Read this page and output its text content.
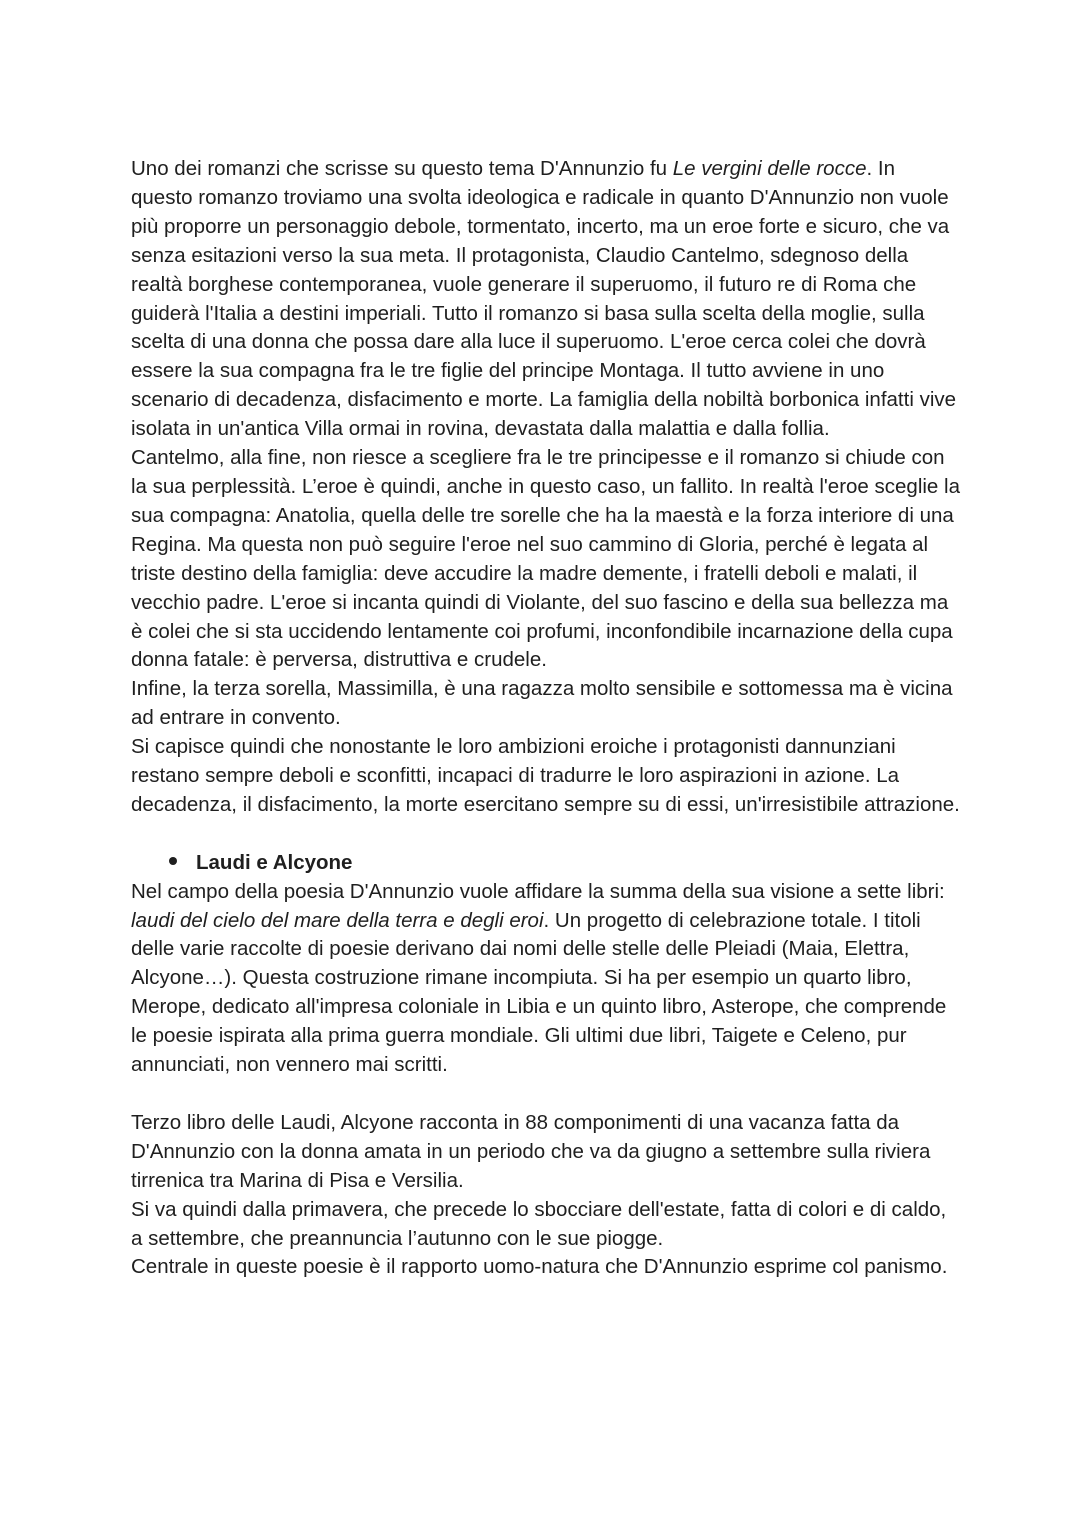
Uno dei romanzi che scrisse su questo tema D'Annunzio fu Le vergini delle rocce. In questo romanzo troviamo una svolta ideologica e radicale in quanto D'Annunzio non vuole più proporre un personaggio debole, tormentato, incerto, ma un eroe forte e sicuro, che va senza esitazioni verso la sua meta. Il protagonista, Claudio Cantelmo, sdegnoso della realtà borghese contemporanea, vuole generare il superuomo, il futuro re di Roma che guiderà l'Italia a destini imperiali. Tutto il romanzo si basa sulla scelta della moglie, sulla scelta di una donna che possa dare alla luce il superuomo. L'eroe cerca colei che dovrà essere la sua compagna fra le tre figlie del principe Montaga. Il tutto avviene in uno scenario di decadenza, disfacimento e morte. La famiglia della nobiltà borbonica infatti vive isolata in un'antica Villa ormai in rovina, devastata dalla malattia e dalla follia.

Cantelmo, alla fine, non riesce a scegliere fra le tre principesse e il romanzo si chiude con la sua perplessità. L’eroe è quindi, anche in questo caso, un fallito. In realtà l'eroe sceglie la sua compagna: Anatolia, quella delle tre sorelle che ha la maestà e la forza interiore di una Regina. Ma questa non può seguire l'eroe nel suo cammino di Gloria, perché è legata al triste destino della famiglia: deve accudire la madre demente, i fratelli deboli e malati, il vecchio padre. L'eroe si incanta quindi di Violante, del suo fascino e della sua bellezza ma è colei che si sta uccidendo lentamente coi profumi, inconfondibile incarnazione della cupa donna fatale: è perversa, distruttiva e crudele.

Infine, la terza sorella, Massimilla, è una ragazza molto sensibile e sottomessa ma è vicina ad entrare in convento.

Si capisce quindi che nonostante le loro ambizioni eroiche i protagonisti dannunziani restano sempre deboli e sconfitti, incapaci di tradurre le loro aspirazioni in azione. La decadenza, il disfacimento, la morte esercitano sempre su di essi, un'irresistibile attrazione.

Laudi e Alcyone

Nel campo della poesia D'Annunzio vuole affidare la summa della sua visione a sette libri: laudi del cielo del mare della terra e degli eroi. Un progetto di celebrazione totale. I titoli delle varie raccolte di poesie derivano dai nomi delle stelle delle Pleiadi (Maia, Elettra, Alcyone…). Questa costruzione rimane incompiuta. Si ha per esempio un quarto libro, Merope, dedicato all'impresa coloniale in Libia e un quinto libro, Asterope, che comprende le poesie ispirata alla prima guerra mondiale. Gli ultimi due libri, Taigete e Celeno, pur annunciati, non vennero mai scritti.

Terzo libro delle Laudi, Alcyone racconta in 88 componimenti di una vacanza fatta da D'Annunzio con la donna amata in un periodo che va da giugno a settembre sulla riviera tirrenica tra Marina di Pisa e Versilia.

Si va quindi dalla primavera, che precede lo sbocciare dell'estate, fatta di colori e di caldo, a settembre, che preannuncia l’autunno con le sue piogge.

Centrale in queste poesie è il rapporto uomo-natura che D'Annunzio esprime col panismo.
